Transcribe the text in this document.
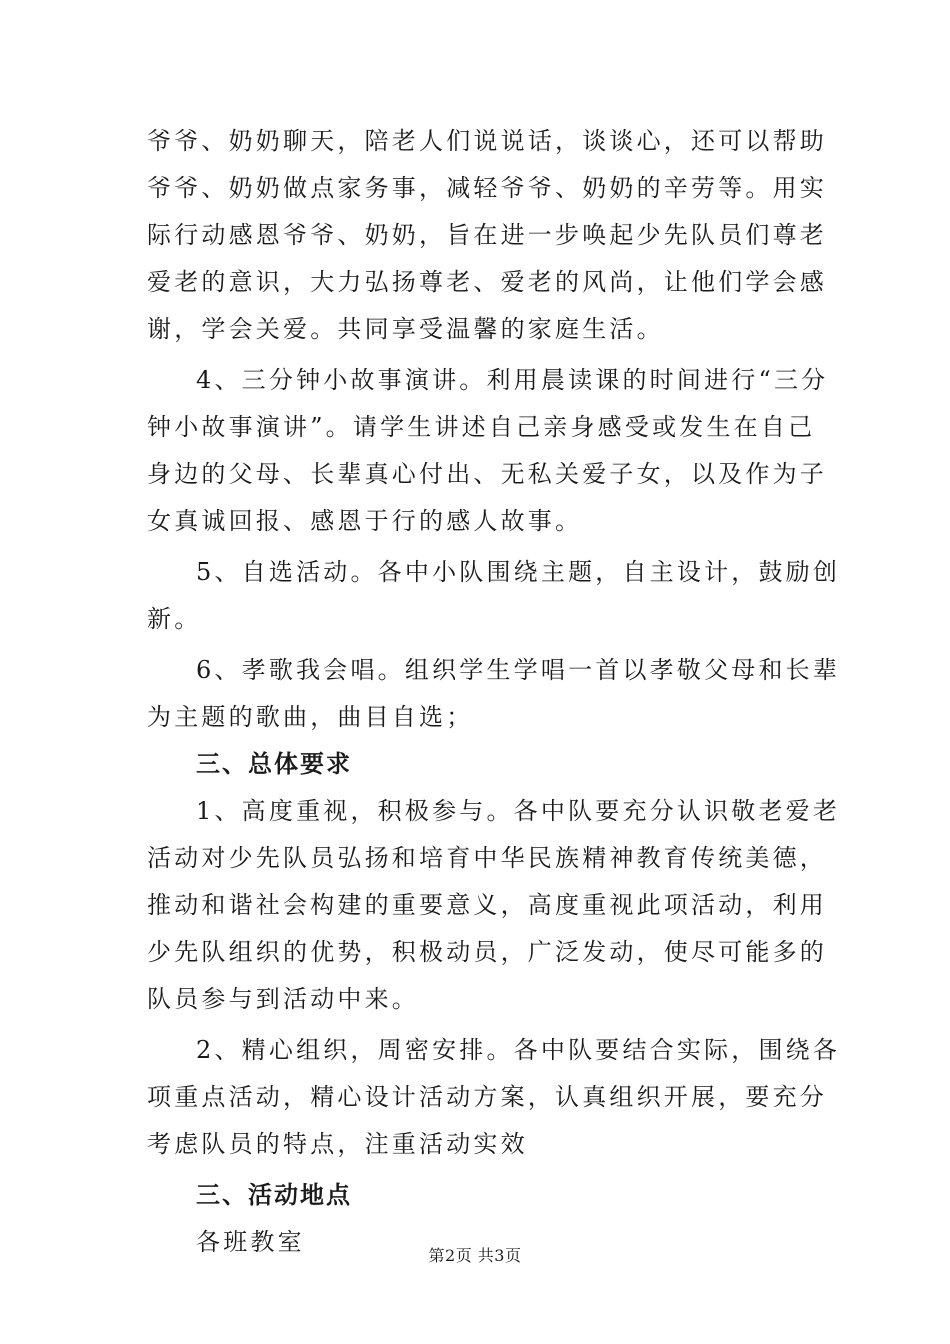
爷爷、奶奶聊天，陪老人们说说话，谈谈心，还可以帮助
爷爷、奶奶做点家务事，减轻爷爷、奶奶的辛劳等。用实
际行动感恩爷爷、奶奶，旨在进一步唤起少先队员们尊老
爱老的意识，大力弘扬尊老、爱老的风尚，让他们学会感
谢，学会关爱。共同享受温馨的家庭生活。
4、三分钟小故事演讲。利用晨读课的时间进行“三分
钟小故事演讲”。请学生讲述自己亲身感受或发生在自己
身边的父母、长辈真心付出、无私关爱子女，以及作为子
女真诚回报、感恩于行的感人故事。
5、自选活动。各中小队围绕主题，自主设计，鼓励创
新。
6、孝歌我会唱。组织学生学唱一首以孝敬父母和长辈
为主题的歌曲，曲目自选；
三、总体要求
1、高度重视，积极参与。各中队要充分认识敬老爱老
活动对少先队员弘扬和培育中华民族精神教育传统美德，
推动和谐社会构建的重要意义，高度重视此项活动，利用
少先队组织的优势，积极动员，广泛发动，使尽可能多的
队员参与到活动中来。
2、精心组织，周密安排。各中队要结合实际，围绕各
项重点活动，精心设计活动方案，认真组织开展，要充分
考虑队员的特点，注重活动实效
三、活动地点
各班教室	第2页 共3页
